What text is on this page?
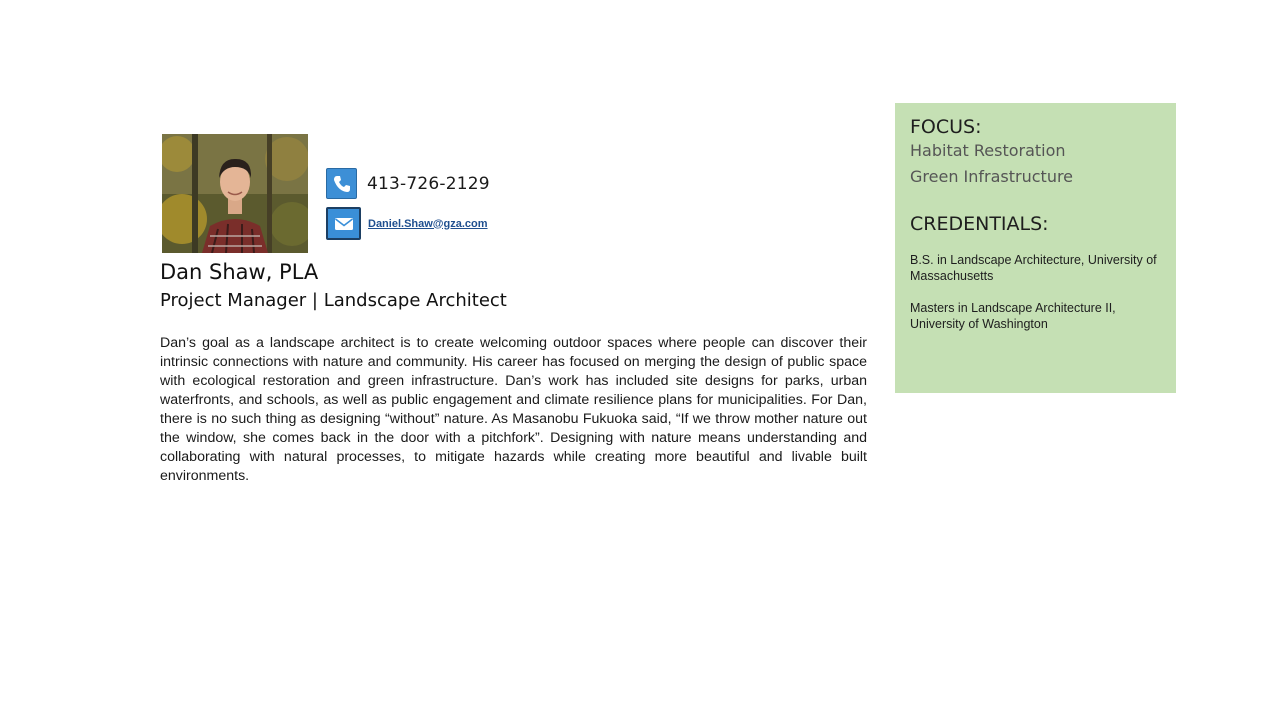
413-726-2129
Daniel.Shaw@gza.com
Dan Shaw, PLA
Project Manager | Landscape Architect
Dan’s goal as a landscape architect is to create welcoming outdoor spaces where people can discover their intrinsic connections with nature and community. His career has focused on merging the design of public space with ecological restoration and green infrastructure. Dan’s work has included site designs for parks, urban waterfronts, and schools, as well as public engagement and climate resilience plans for municipalities. For Dan, there is no such thing as designing “without” nature. As Masanobu Fukuoka said, “If we throw mother nature out the window, she comes back in the door with a pitchfork”. Designing with nature means understanding and collaborating with natural processes, to mitigate hazards while creating more beautiful and livable built environments.
FOCUS:
Habitat Restoration
Green Infrastructure
CREDENTIALS:
B.S. in Landscape Architecture, University of Massachusetts
Masters in Landscape Architecture II, University of Washington
